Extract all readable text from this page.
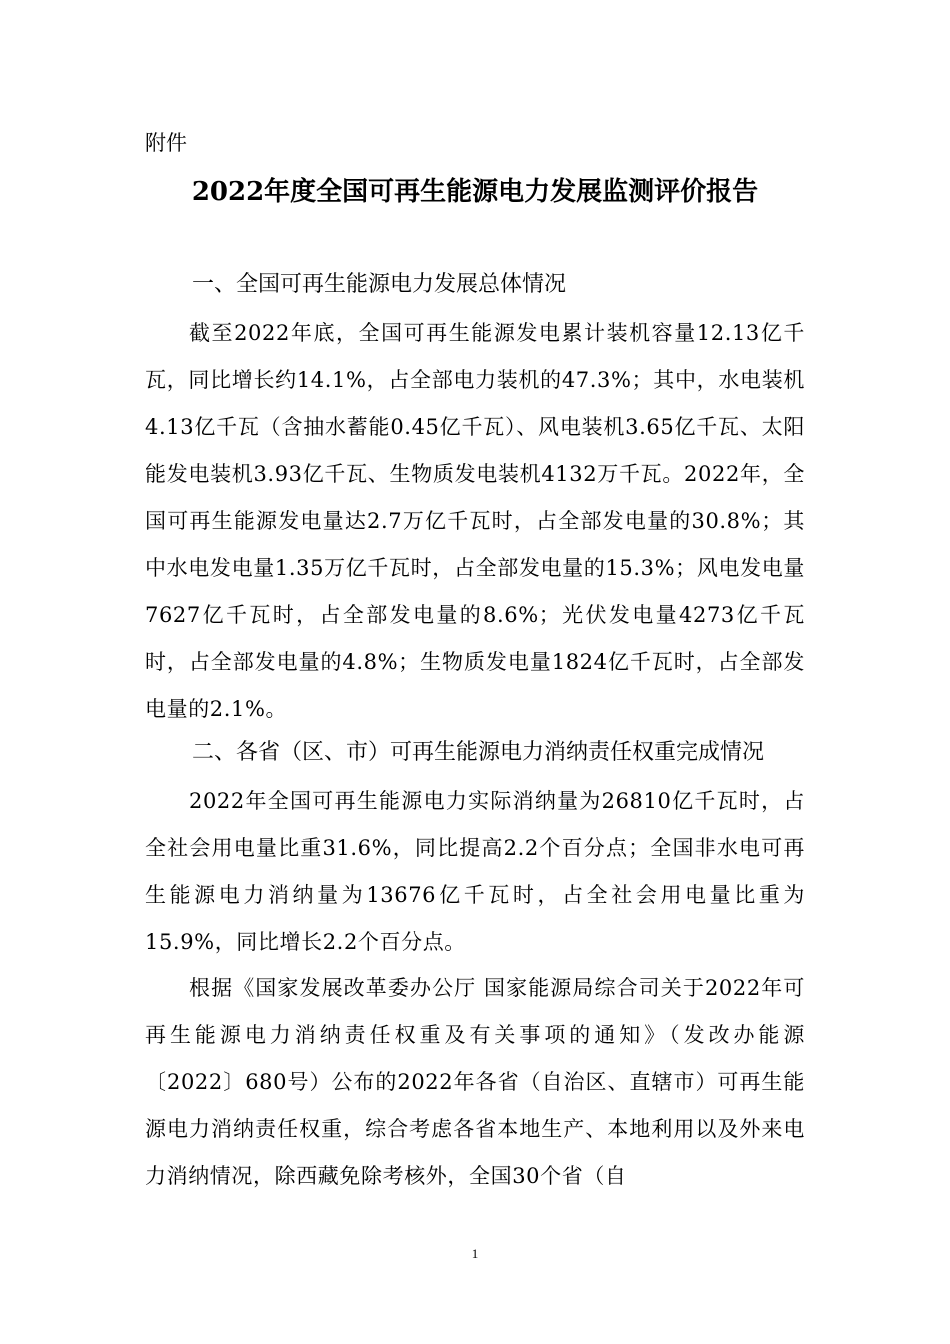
附件
2022年度全国可再生能源电力发展监测评价报告
一、全国可再生能源电力发展总体情况

截至2022年底，全国可再生能源发电累计装机容量12.13亿千瓦，同比增长约14.1%，占全部电力装机的47.3%；其中，水电装机4.13亿千瓦（含抽水蓄能0.45亿千瓦）、风电装机3.65亿千瓦、太阳能发电装机3.93亿千瓦、生物质发电装机4132万千瓦。2022年，全国可再生能源发电量达2.7万亿千瓦时，占全部发电量的30.8%；其中水电发电量1.35万亿千瓦时，占全部发电量的15.3%；风电发电量7627亿千瓦时，占全部发电量的8.6%；光伏发电量4273亿千瓦时，占全部发电量的4.8%；生物质发电量1824亿千瓦时，占全部发电量的2.1%。

二、各省（区、市）可再生能源电力消纳责任权重完成情况

2022年全国可再生能源电力实际消纳量为26810亿千瓦时，占全社会用电量比重31.6%，同比提高2.2个百分点；全国非水电可再生能源电力消纳量为13676亿千瓦时，占全社会用电量比重为15.9%，同比增长2.2个百分点。

根据《国家发展改革委办公厅 国家能源局综合司关于2022年可再生能源电力消纳责任权重及有关事项的通知》（发改办能源〔2022〕680号）公布的2022年各省（自治区、直辖市）可再生能源电力消纳责任权重，综合考虑各省本地生产、本地利用以及外来电力消纳情况，除西藏免除考核外，全国30个省（自

1
